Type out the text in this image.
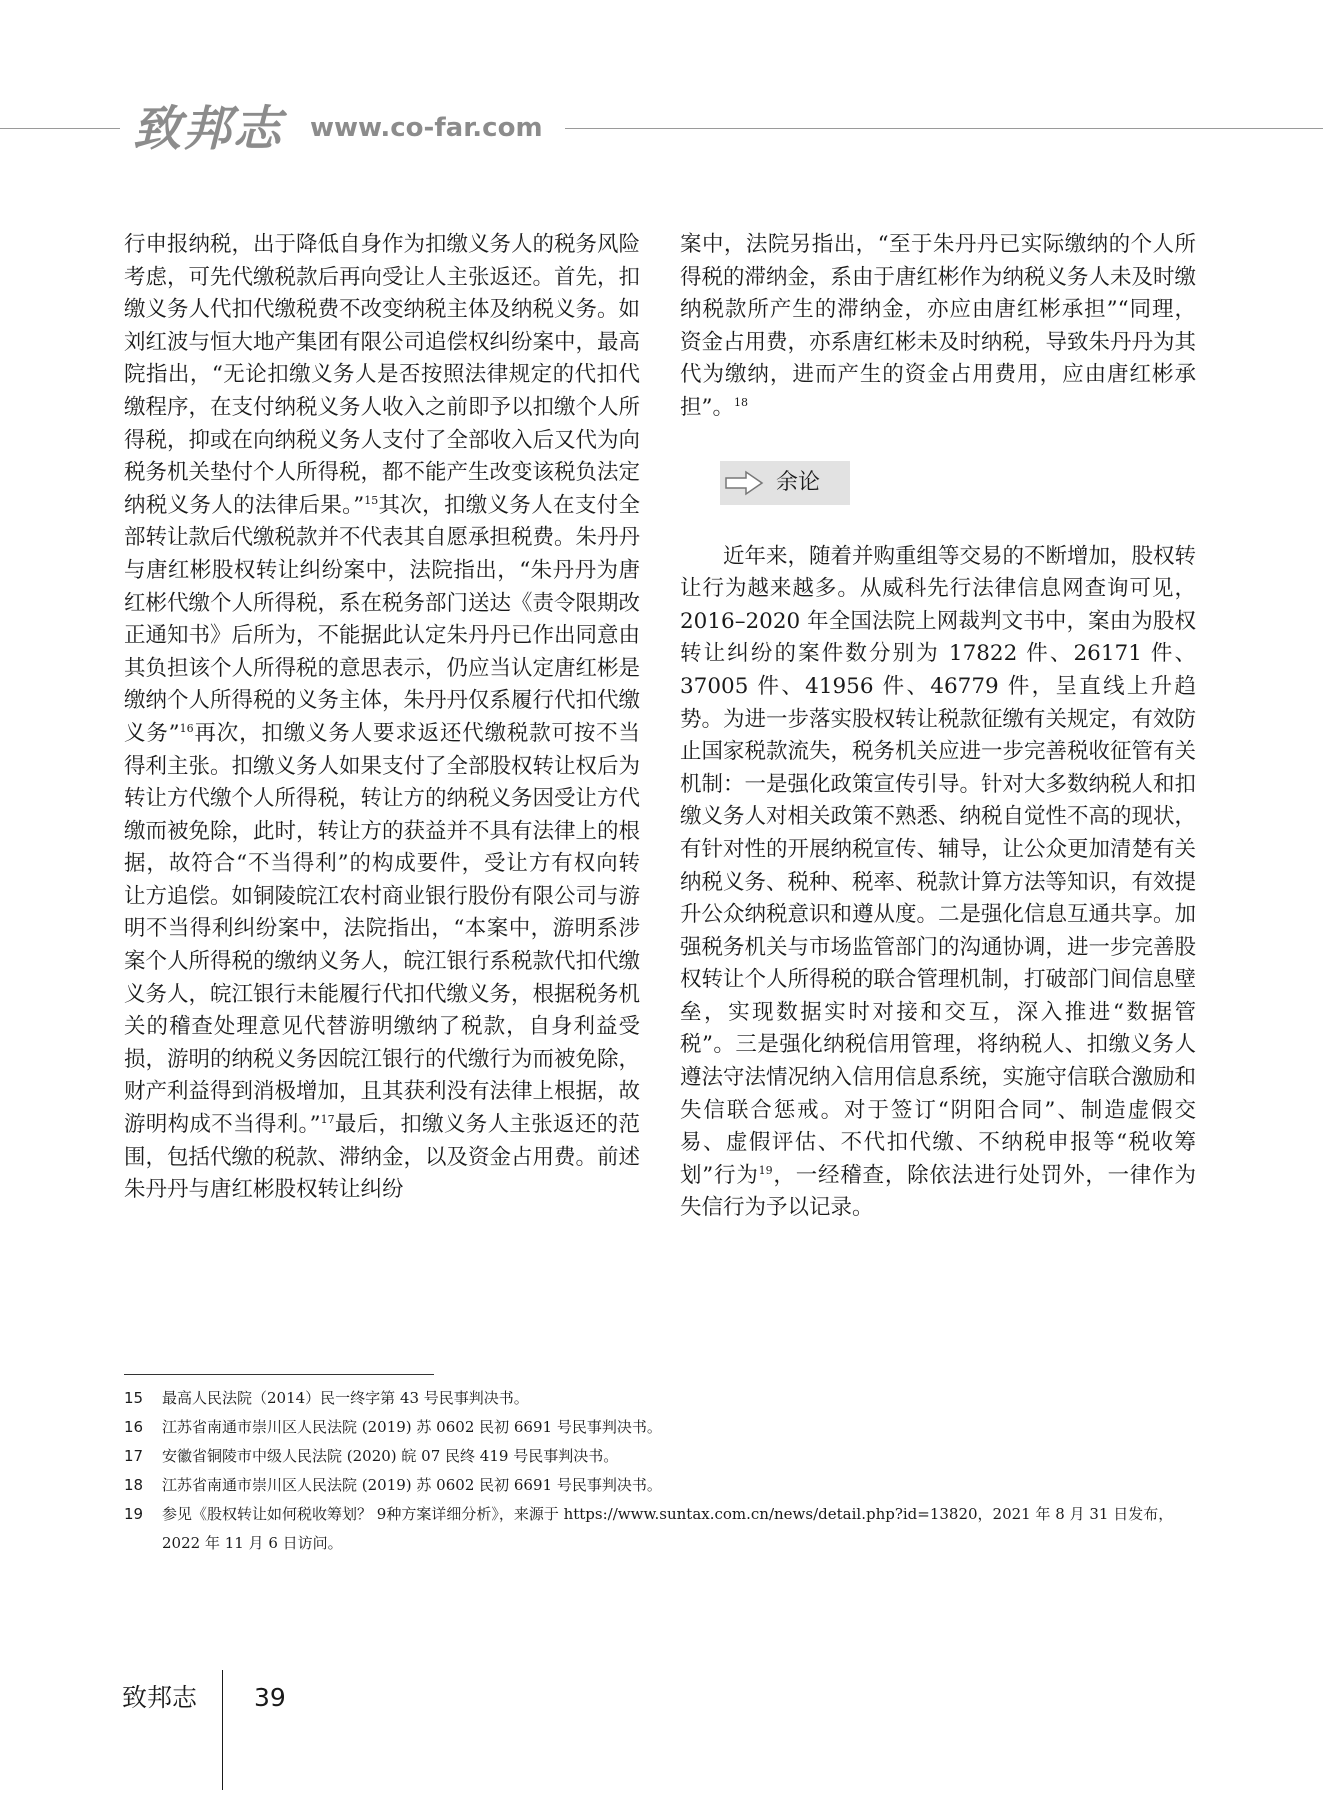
致邦志 www.co-far.com

行申报纳税，出于降低自身作为扣缴义务人的税务风险考虑，可先代缴税款后再向受让人主张返还。首先，扣缴义务人代扣代缴税费不改变纳税主体及纳税义务。如刘红波与恒大地产集团有限公司追偿权纠纷案中，最高院指出，“无论扣缴义务人是否按照法律规定的代扣代缴程序，在支付纳税义务人收入之前即予以扣缴个人所得税，抑或在向纳税义务人支付了全部收入后又代为向税务机关垫付个人所得税，都不能产生改变该税负法定纳税义务人的法律后果。”$^{15}$其次，扣缴义务人在支付全部转让款后代缴税款并不代表其自愿承担税费。朱丹丹与唐红彬股权转让纠纷案中，法院指出，“朱丹丹为唐红彬代缴个人所得税，系在税务部门送达《责令限期改正通知书》后所为，不能据此认定朱丹丹已作出同意由其负担该个人所得税的意思表示，仍应当认定唐红彬是缴纳个人所得税的义务主体，朱丹丹仅系履行代扣代缴义务”$^{16}$再次，扣缴义务人要求返还代缴税款可按不当得利主张。扣缴义务人如果支付了全部股权转让权后为转让方代缴个人所得税，转让方的纳税义务因受让方代缴而被免除，此时，转让方的获益并不具有法律上的根据，故符合“不当得利”的构成要件，受让方有权向转让方追偿。如铜陵皖江农村商业银行股份有限公司与游明不当得利纠纷案中，法院指出，“本案中，游明系涉案个人所得税的缴纳义务人，皖江银行系税款代扣代缴义务人，皖江银行未能履行代扣代缴义务，根据税务机关的稽查处理意见代替游明缴纳了税款，自身利益受损，游明的纳税义务因皖江银行的代缴行为而被免除，财产利益得到消极增加，且其获利没有法律上根据，故游明构成不当得利。”$^{17}$最后，扣缴义务人主张返还的范围，包括代缴的税款、滞纳金，以及资金占用费。前述朱丹丹与唐红彬股权转让纠纷

案中，法院另指出，“至于朱丹丹已实际缴纳的个人所得税的滞纳金，系由于唐红彬作为纳税义务人未及时缴纳税款所产生的滞纳金，亦应由唐红彬承担”“同理，资金占用费，亦系唐红彬未及时纳税，导致朱丹丹为其代为缴纳，进而产生的资金占用费用，应由唐红彬承担”。$^{18}$

余论

近年来，随着并购重组等交易的不断增加，股权转让行为越来越多。从威科先行法律信息网查询可见，2016–2020 年全国法院上网裁判文书中，案由为股权转让纠纷的案件数分别为 17822 件、26171 件、37005 件、41956 件、46779 件，呈直线上升趋势。为进一步落实股权转让税款征缴有关规定，有效防止国家税款流失，税务机关应进一步完善税收征管有关机制：一是强化政策宣传引导。针对大多数纳税人和扣缴义务人对相关政策不熟悉、纳税自觉性不高的现状，有针对性的开展纳税宣传、辅导，让公众更加清楚有关纳税义务、税种、税率、税款计算方法等知识，有效提升公众纳税意识和遵从度。二是强化信息互通共享。加强税务机关与市场监管部门的沟通协调，进一步完善股权转让个人所得税的联合管理机制，打破部门间信息壁垒，实现数据实时对接和交互，深入推进“数据管税”。三是强化纳税信用管理，将纳税人、扣缴义务人遵法守法情况纳入信用信息系统，实施守信联合激励和失信联合惩戒。对于签订“阴阳合同”、制造虚假交易、虚假评估、不代扣代缴、不纳税申报等“税收筹划”行为$^{19}$，一经稽查，除依法进行处罚外，一律作为失信行为予以记录。

15	最高人民法院（2014）民一终字第 43 号民事判决书。
16	江苏省南通市崇川区人民法院 (2019) 苏 0602 民初 6691 号民事判决书。
17	安徽省铜陵市中级人民法院 (2020) 皖 07 民终 419 号民事判决书。
18	江苏省南通市崇川区人民法院 (2019) 苏 0602 民初 6691 号民事判决书。
19	参见《股权转让如何税收筹划？ 9种方案详细分析》，来源于 https://www.suntax.com.cn/news/detail.php?id=13820，2021 年 8 月 31 日发布，2022 年 11 月 6 日访问。
致邦志 39
